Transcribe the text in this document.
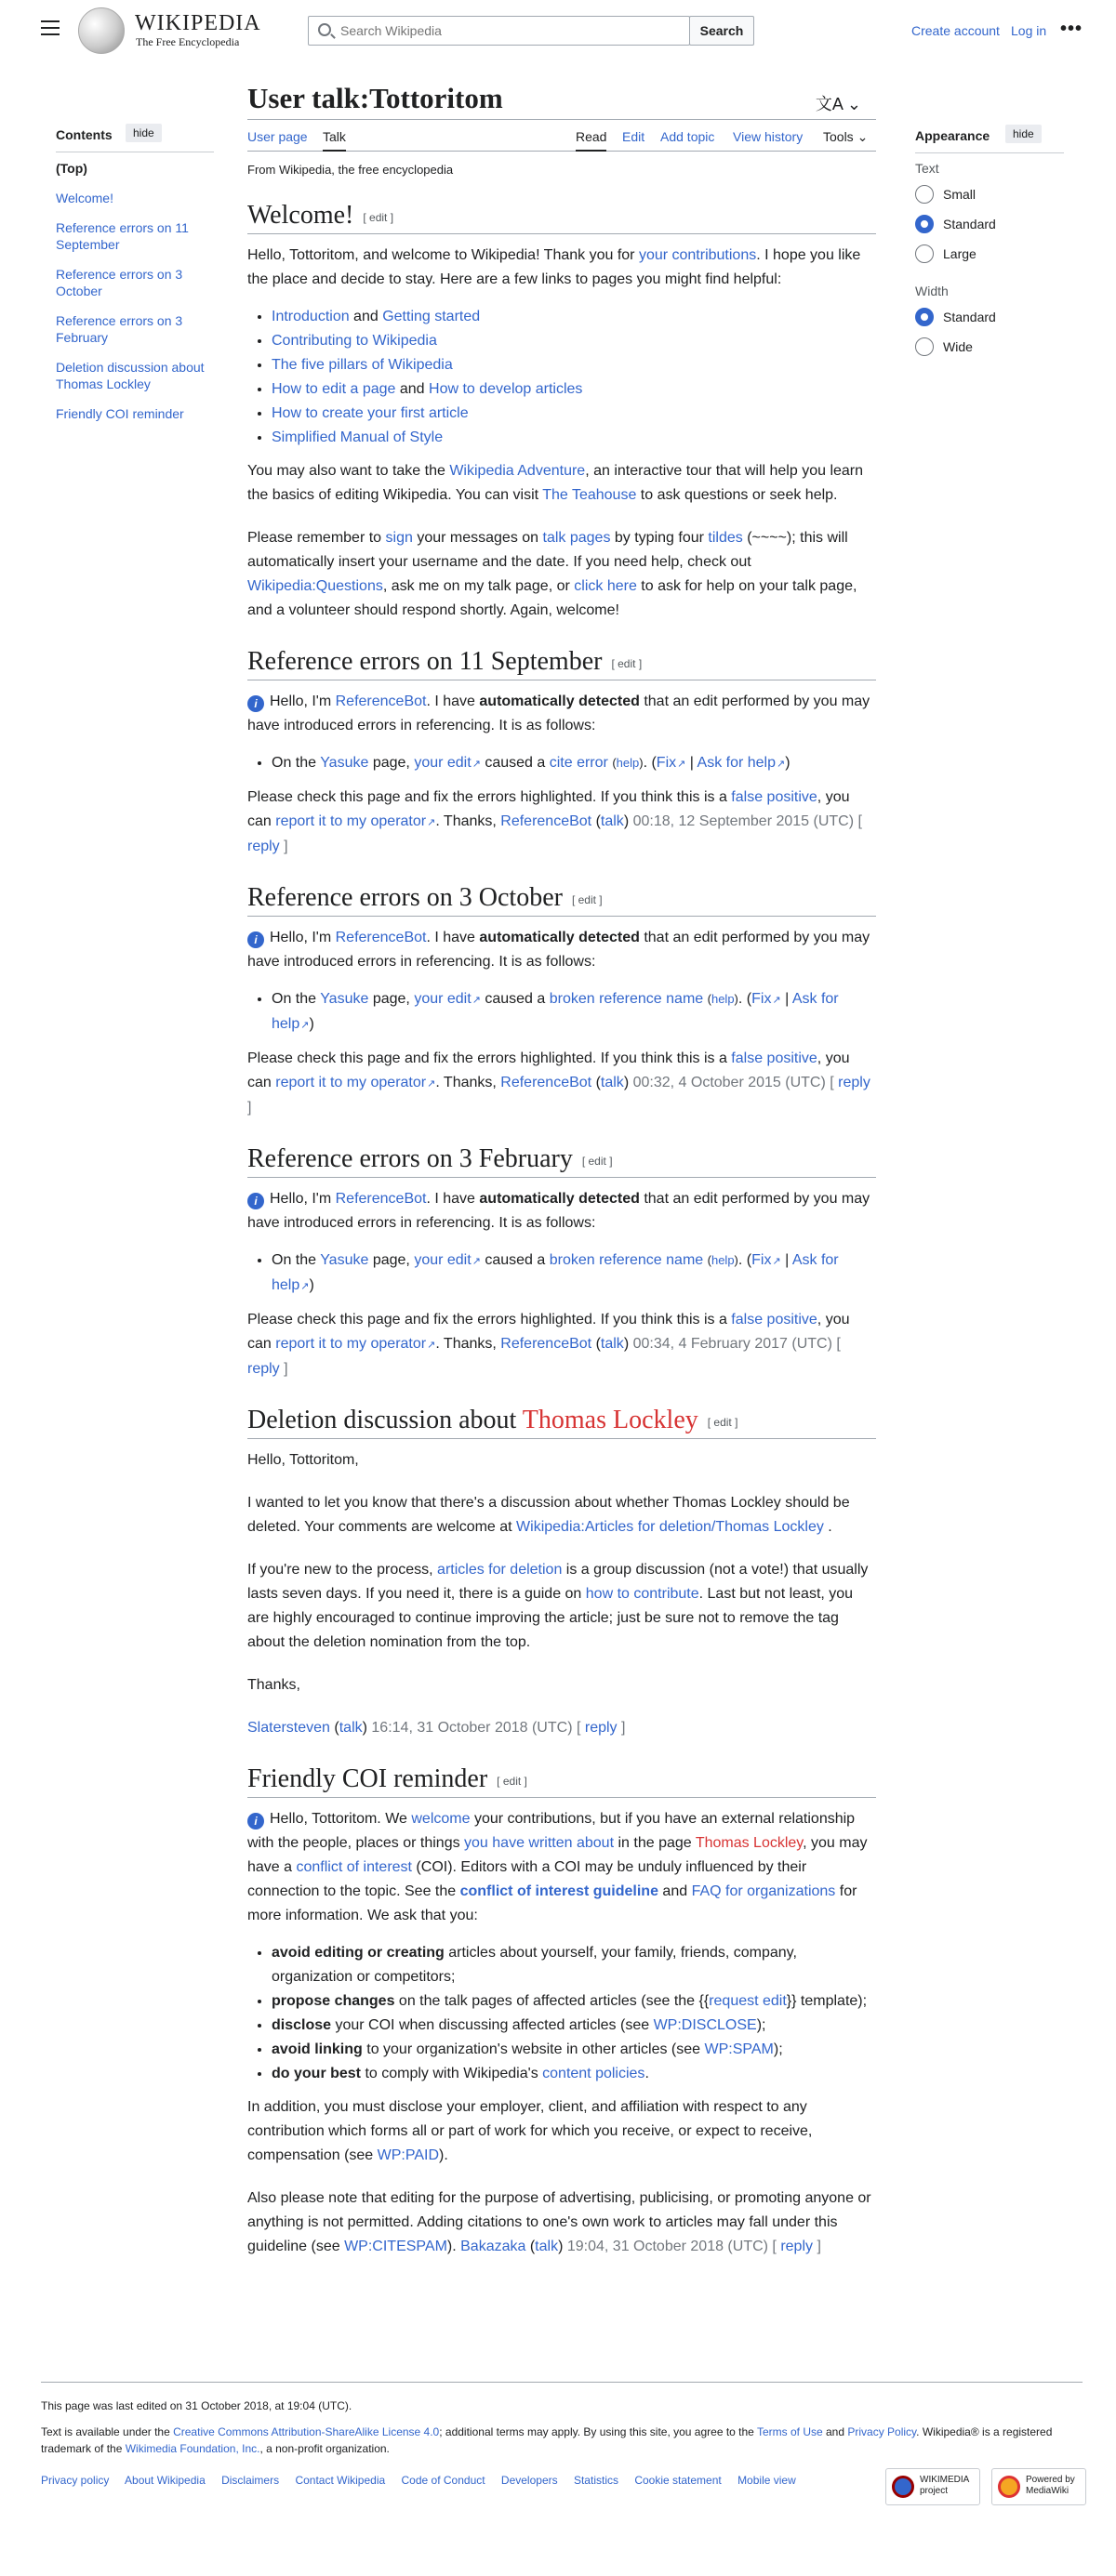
WIKIPEDIA
The Free Encyclopedia
Search Wikipedia
Search	Create account Log in •••
Contents	hide
(Top)
Welcome!
Reference errors on 11 September
Reference errors on 3 October
Reference errors on 3 February
Deletion discussion about Thomas Lockley
Friendly COI reminder
Appearance	hide
Text
Small
Standard
Large
Width
Standard
Wide
User talk:Tottoritom	文A ⌄
User page Talk	Read Edit Add topic View history Tools ⌄
From Wikipedia, the free encyclopedia
Welcome! [ edit ]

Hello, Tottoritom, and welcome to Wikipedia! Thank you for your contributions. I hope you like the place and decide to stay. Here are a few links to pages you might find helpful:

• Introduction and Getting started
• Contributing to Wikipedia
• The five pillars of Wikipedia
• How to edit a page and How to develop articles
• How to create your first article
• Simplified Manual of Style

You may also want to take the Wikipedia Adventure, an interactive tour that will help you learn the basics of editing Wikipedia. You can visit The Teahouse to ask questions or seek help.

Please remember to sign your messages on talk pages by typing four tildes (~~~~); this will automatically insert your username and the date. If you need help, check out Wikipedia:Questions, ask me on my talk page, or click here to ask for help on your talk page, and a volunteer should respond shortly. Again, welcome!

Reference errors on 11 September [ edit ]

i Hello, I'm ReferenceBot. I have automatically detected that an edit performed by you may have introduced errors in referencing. It is as follows:

• On the Yasuke page, your edit ↗ caused a cite error (help). (Fix ↗ | Ask for help ↗ )

Please check this page and fix the errors highlighted. If you think this is a false positive, you can report it to my operator ↗ . Thanks, ReferenceBot (talk) 00:18, 12 September 2015 (UTC) [ reply ]

Reference errors on 3 October [ edit ]

i Hello, I'm ReferenceBot. I have automatically detected that an edit performed by you may have introduced errors in referencing. It is as follows:

• On the Yasuke page, your edit ↗ caused a broken reference name (help). (Fix ↗ | Ask for help ↗ )

Please check this page and fix the errors highlighted. If you think this is a false positive, you can report it to my operator ↗ . Thanks, ReferenceBot (talk) 00:32, 4 October 2015 (UTC) [ reply ]

Reference errors on 3 February [ edit ]

i Hello, I'm ReferenceBot. I have automatically detected that an edit performed by you may have introduced errors in referencing. It is as follows:

• On the Yasuke page, your edit ↗ caused a broken reference name (help). (Fix ↗ | Ask for help ↗ )

Please check this page and fix the errors highlighted. If you think this is a false positive, you can report it to my operator ↗ . Thanks, ReferenceBot (talk) 00:34, 4 February 2017 (UTC) [ reply ]

Deletion discussion about Thomas Lockley [ edit ]

Hello, Tottoritom,

I wanted to let you know that there's a discussion about whether Thomas Lockley should be deleted. Your comments are welcome at Wikipedia:Articles for deletion/Thomas Lockley .

If you're new to the process, articles for deletion is a group discussion (not a vote!) that usually lasts seven days. If you need it, there is a guide on how to contribute. Last but not least, you are highly encouraged to continue improving the article; just be sure not to remove the tag about the deletion nomination from the top.

Thanks,

Slatersteven (talk) 16:14, 31 October 2018 (UTC) [ reply ]

Friendly COI reminder [ edit ]

i Hello, Tottoritom. We welcome your contributions, but if you have an external relationship with the people, places or things you have written about in the page Thomas Lockley, you may have a conflict of interest (COI). Editors with a COI may be unduly influenced by their connection to the topic. See the conflict of interest guideline and FAQ for organizations for more information. We ask that you:

• avoid editing or creating articles about yourself, your family, friends, company, organization or competitors;
• propose changes on the talk pages of affected articles (see the {{request edit}} template);
• disclose your COI when discussing affected articles (see WP:DISCLOSE);
• avoid linking to your organization's website in other articles (see WP:SPAM);
• do your best to comply with Wikipedia's content policies.

In addition, you must disclose your employer, client, and affiliation with respect to any contribution which forms all or part of work for which you receive, or expect to receive, compensation (see WP:PAID).

Also please note that editing for the purpose of advertising, publicising, or promoting anyone or anything is not permitted. Adding citations to one's own work to articles may fall under this guideline (see WP:CITESPAM). Bakazaka (talk) 19:04, 31 October 2018 (UTC) [ reply ]

This page was last edited on 31 October 2018, at 19:04 (UTC).

Text is available under the Creative Commons Attribution-ShareAlike License 4.0; additional terms may apply. By using this site, you agree to the Terms of Use and Privacy Policy. Wikipedia® is a registered trademark of the Wikimedia Foundation, Inc., a non-profit organization.

Privacy policy About Wikipedia Disclaimers Contact Wikipedia Code of Conduct Developers Statistics Cookie statement Mobile view	WIKIMEDIA project
Powered by MediaWiki
